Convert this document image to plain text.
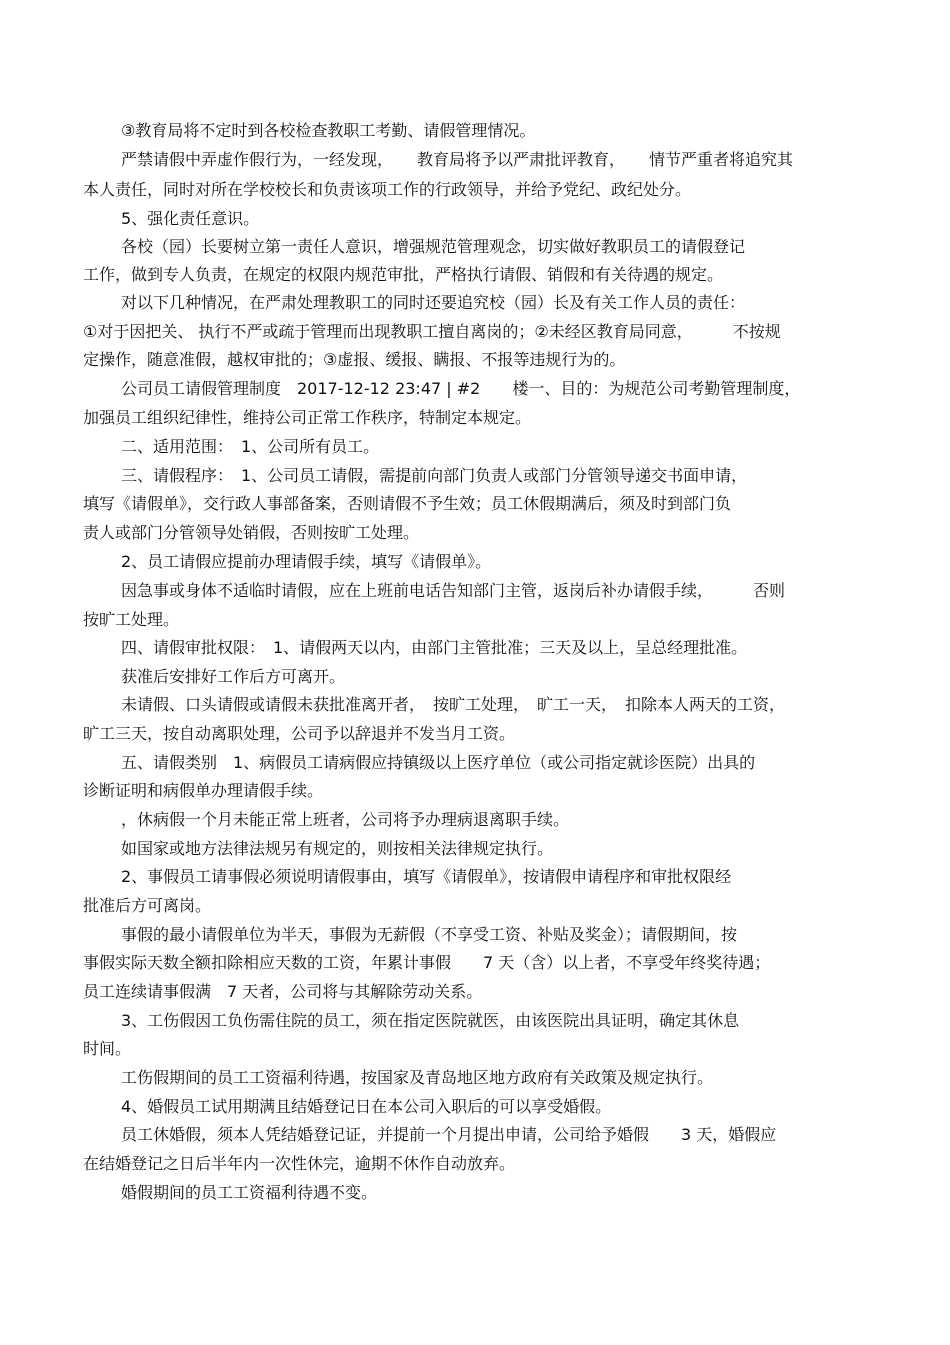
③教育局将不定时到各校检查教职工考勤、请假管理情况。

严禁请假中弄虚作假行为，一经发现，　　教育局将予以严肃批评教育，　　情节严重者将追究其

本人责任，同时对所在学校校长和负责该项工作的行政领导，并给予党纪、政纪处分。

5、强化责任意识。

各校（园）长要树立第一责任人意识，增强规范管理观念，切实做好教职员工的请假登记

工作，做到专人负责，在规定的权限内规范审批，严格执行请假、销假和有关待遇的规定。

对以下几种情况，在严肃处理教职工的同时还要追究校（园）长及有关工作人员的责任：

①对于因把关、 执行不严或疏于管理而出现教职工擅自离岗的；②未经区教育局同意，　　　不按规

定操作，随意准假，越权审批的；③虚报、缓报、瞒报、不报等违规行为的。

公司员工请假管理制度　2017-12-12 23:47 | #2　　楼一、目的：为规范公司考勤管理制度，

加强员工组织纪律性，维持公司正常工作秩序，特制定本规定。

二、适用范围：　1、公司所有员工。

三、请假程序：　1、公司员工请假，需提前向部门负责人或部门分管领导递交书面申请，

填写《请假单》，交行政人事部备案，否则请假不予生效；员工休假期满后，须及时到部门负

责人或部门分管领导处销假，否则按旷工处理。

2、员工请假应提前办理请假手续，填写《请假单》。

因急事或身体不适临时请假，应在上班前电话告知部门主管，返岗后补办请假手续，　　　否则

按旷工处理。

四、请假审批权限：　1、请假两天以内，由部门主管批准；三天及以上，呈总经理批准。

获准后安排好工作后方可离开。

未请假、口头请假或请假未获批准离开者，　按旷工处理，　旷工一天，　扣除本人两天的工资，

旷工三天，按自动离职处理，公司予以辞退并不发当月工资。

五、请假类别　1、病假员工请病假应持镇级以上医疗单位（或公司指定就诊医院）出具的

诊断证明和病假单办理请假手续。

，休病假一个月未能正常上班者，公司将予办理病退离职手续。

如国家或地方法律法规另有规定的，则按相关法律规定执行。

2、事假员工请事假必须说明请假事由，填写《请假单》，按请假申请程序和审批权限经

批准后方可离岗。

事假的最小请假单位为半天，事假为无薪假（不享受工资、补贴及奖金）；请假期间，按

事假实际天数全额扣除相应天数的工资，年累计事假　　7 天（含）以上者，不享受年终奖待遇；

员工连续请事假满　7 天者，公司将与其解除劳动关系。

3、工伤假因工负伤需住院的员工，须在指定医院就医，由该医院出具证明，确定其休息

时间。

工伤假期间的员工工资福利待遇，按国家及青岛地区地方政府有关政策及规定执行。

4、婚假员工试用期满且结婚登记日在本公司入职后的可以享受婚假。

员工休婚假，须本人凭结婚登记证，并提前一个月提出申请，公司给予婚假　　3 天，婚假应

在结婚登记之日后半年内一次性休完，逾期不休作自动放弃。

婚假期间的员工工资福利待遇不变。
